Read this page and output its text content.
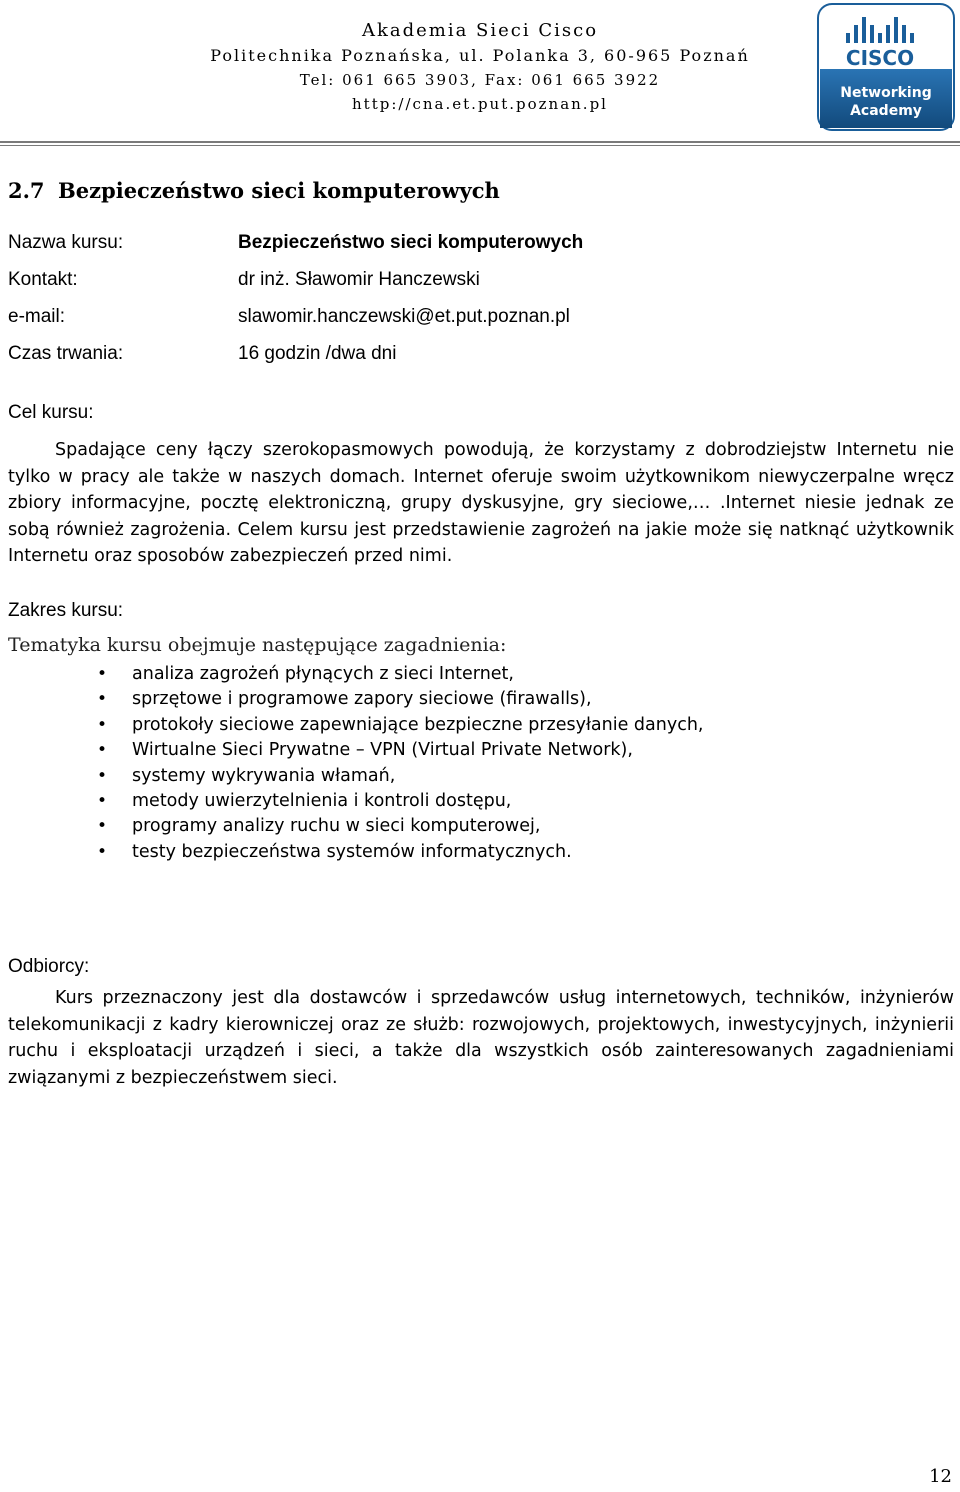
Akademia Sieci Cisco
Politechnika Poznańska, ul. Polanka 3, 60-965 Poznań
Tel: 061 665 3903, Fax: 061 665 3922
http://cna.et.put.poznan.pl
CISCO
Networking
Academy
2.7 Bezpieczeństwo sieci komputerowych
Nazwa kursu:	Bezpieczeństwo sieci komputerowych
Kontakt:	dr inż. Sławomir Hanczewski
e-mail:	slawomir.hanczewski@et.put.poznan.pl
Czas trwania:	16 godzin /dwa dni
Cel kursu:

Spadające ceny łączy szerokopasmowych powodują, że korzystamy z dobrodziejstw Internetu nie tylko w pracy ale także w naszych domach. Internet oferuje swoim użytkownikom niewyczerpalne wręcz zbiory informacyjne, pocztę elektroniczną, grupy dyskusyjne, gry sieciowe,… .Internet niesie jednak ze sobą również zagrożenia. Celem kursu jest przedstawienie zagrożeń na jakie może się natknąć użytkownik Internetu oraz sposobów zabezpieczeń przed nimi.

Zakres kursu:
Tematyka kursu obejmuje następujące zagadnienia:
• analiza zagrożeń płynących z sieci Internet,
• sprzętowe i programowe zapory sieciowe (firawalls),
• protokoły sieciowe zapewniające bezpieczne przesyłanie danych,
• Wirtualne Sieci Prywatne – VPN (Virtual Private Network),
• systemy wykrywania włamań,
• metody uwierzytelnienia i kontroli dostępu,
• programy analizy ruchu w sieci komputerowej,
• testy bezpieczeństwa systemów informatycznych.
Odbiorcy:

Kurs przeznaczony jest dla dostawców i sprzedawców usług internetowych, techników, inżynierów telekomunikacji z kadry kierowniczej oraz ze służb: rozwojowych, projektowych, inwestycyjnych, inżynierii ruchu i eksploatacji urządzeń i sieci, a także dla wszystkich osób zainteresowanych zagadnieniami związanymi z bezpieczeństwem sieci.

12
